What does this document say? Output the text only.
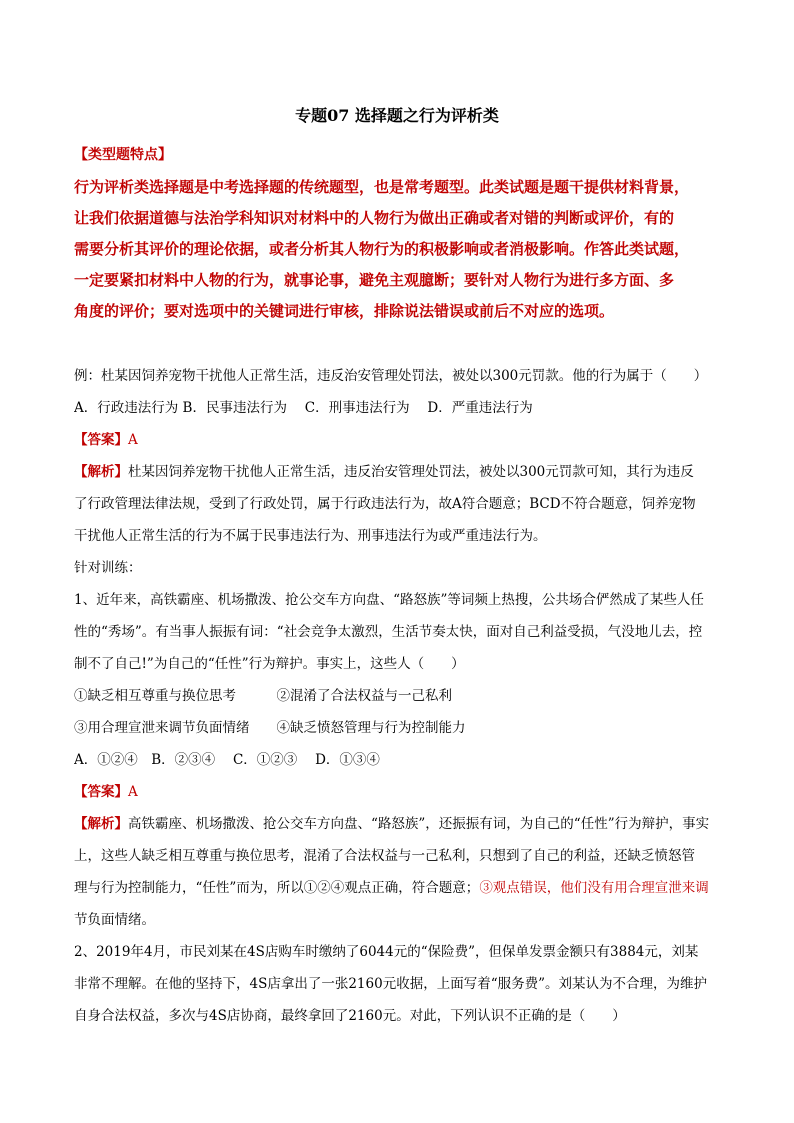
专题07 选择题之行为评析类
【类型题特点】
行为评析类选择题是中考选择题的传统题型，也是常考题型。此类试题是题干提供材料背景，
让我们依据道德与法治学科知识对材料中的人物行为做出正确或者对错的判断或评价，有的
需要分析其评价的理论依据，或者分析其人物行为的积极影响或者消极影响。作答此类试题，
一定要紧扣材料中人物的行为，就事论事，避免主观臆断；要针对人物行为进行多方面、多
角度的评价；要对选项中的关键词进行审核，排除说法错误或前后不对应的选项。
例：杜某因饲养宠物干扰他人正常生活，违反治安管理处罚法，被处以300元罚款。他的行为属于（　　）
A．行政违法行为 B．民事违法行为　 C．刑事违法行为　 D．严重违法行为
【答案】A
【解析】杜某因饲养宠物干扰他人正常生活，违反治安管理处罚法，被处以300元罚款可知，其行为违反
了行政管理法律法规，受到了行政处罚，属于行政违法行为，故A符合题意；BCD不符合题意，饲养宠物
干扰他人正常生活的行为不属于民事违法行为、刑事违法行为或严重违法行为。
针对训练：
1、近年来，高铁霸座、机场撒泼、抢公交车方向盘、“路怒族”等词频上热搜，公共场合俨然成了某些人任
性的“秀场”。有当事人振振有词：“社会竞争太激烈，生活节奏太快，面对自己利益受损，气没地儿去，控
制不了自己!”为自己的“任性”行为辩护。事实上，这些人（　　）
①缺乏相互尊重与换位思考　　　②混淆了合法权益与一己私利
③用合理宣泄来调节负面情绪　　④缺乏愤怒管理与行为控制能力
A．①②④　B．②③④　 C．①②③　 D．①③④
【答案】A
【解析】高铁霸座、机场撒泼、抢公交车方向盘、“路怒族”，还振振有词，为自己的“任性”行为辩护，事实
上，这些人缺乏相互尊重与换位思考，混淆了合法权益与一己私利，只想到了自己的利益，还缺乏愤怒管
理与行为控制能力，“任性”而为，所以①②④观点正确，符合题意；③观点错误，他们没有用合理宣泄来调
节负面情绪。
2、2019年4月，市民刘某在4S店购车时缴纳了6044元的“保险费”，但保单发票金额只有3884元，刘某
非常不理解。在他的坚持下，4S店拿出了一张2160元收据，上面写着“服务费”。刘某认为不合理，为维护
自身合法权益，多次与4S店协商，最终拿回了2160元。对此，下列认识不正确的是（　　）
